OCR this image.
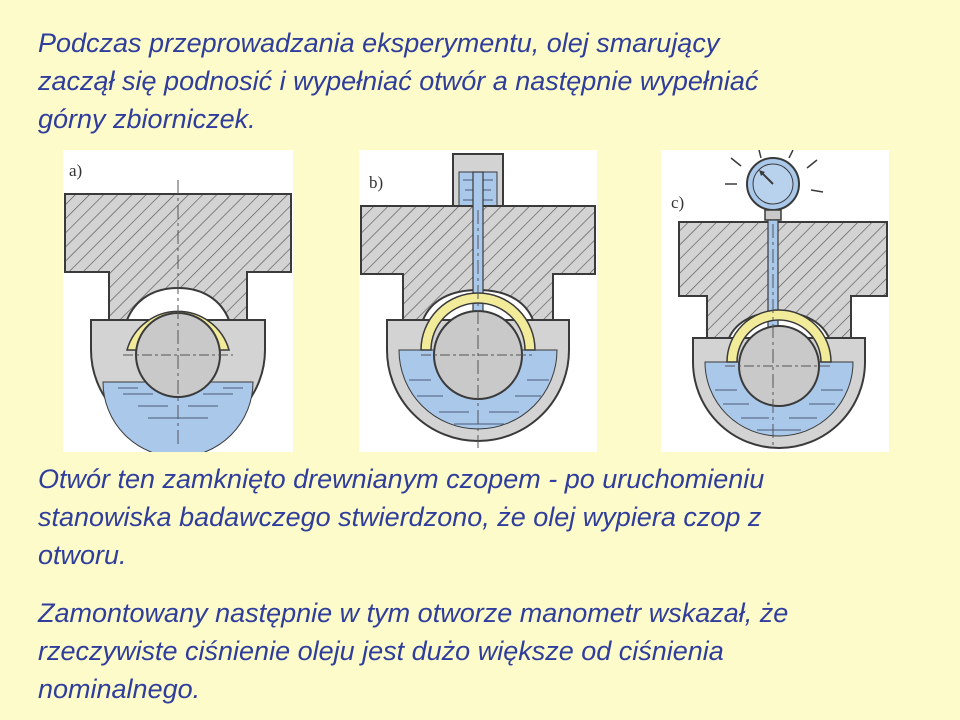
Podczas przeprowadzania eksperymentu, olej smarujący
zaczął się podnosić i wypełniać otwór a następnie wypełniać
górny zbiorniczek.

a)
b)
c)

Otwór ten zamknięto drewnianym czopem - po uruchomieniu
stanowiska badawczego stwierdzono, że olej wypiera czop z
otworu.

Zamontowany następnie w tym otworze manometr wskazał, że
rzeczywiste ciśnienie oleju jest dużo większe od ciśnienia
nominalnego.
